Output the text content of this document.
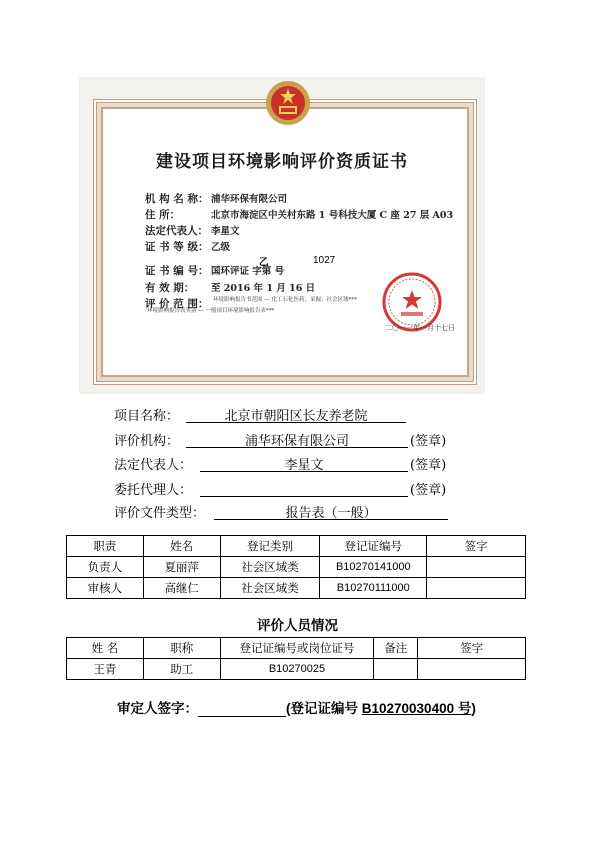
建设项目环境影响评价资质证书
机 构 名 称： 浦华环保有限公司
住 所：	北京市海淀区中关村东路 1 号科技大厦 C 座 27 层 A03
法定代表人： 李星文
证 书 等 级： 乙级
证 书 编 号： 国环评证 字第 号
乙	1027
有 效 期： 至 2016 年 1 月 16 日
评 价 范 围： 环境影响报告书范围 — 化工石化医药；采掘；社会区域***
环境影响报告表类别 — 一般项目环境影响报告表***
二〇一一年一月十七日
项目名称：	北京市朝阳区长友养老院
评价机构：	浦华环保有限公司	(签章)
法定代表人：	李星文	(签章)
委托代理人：	(签章)
评价文件类型：	报告表（一般）
职责	姓名	登记类别	登记证编号	签字
负责人	夏丽萍	社会区域类	B10270141000	
审核人	高继仁	社会区域类	B10270111000	
评价人员情况
姓 名	职称	登记证编号或岗位证号	备注	签字
王青	助工	B10270025		
审定人签字：	(登记证编号 B10270030400 号)
